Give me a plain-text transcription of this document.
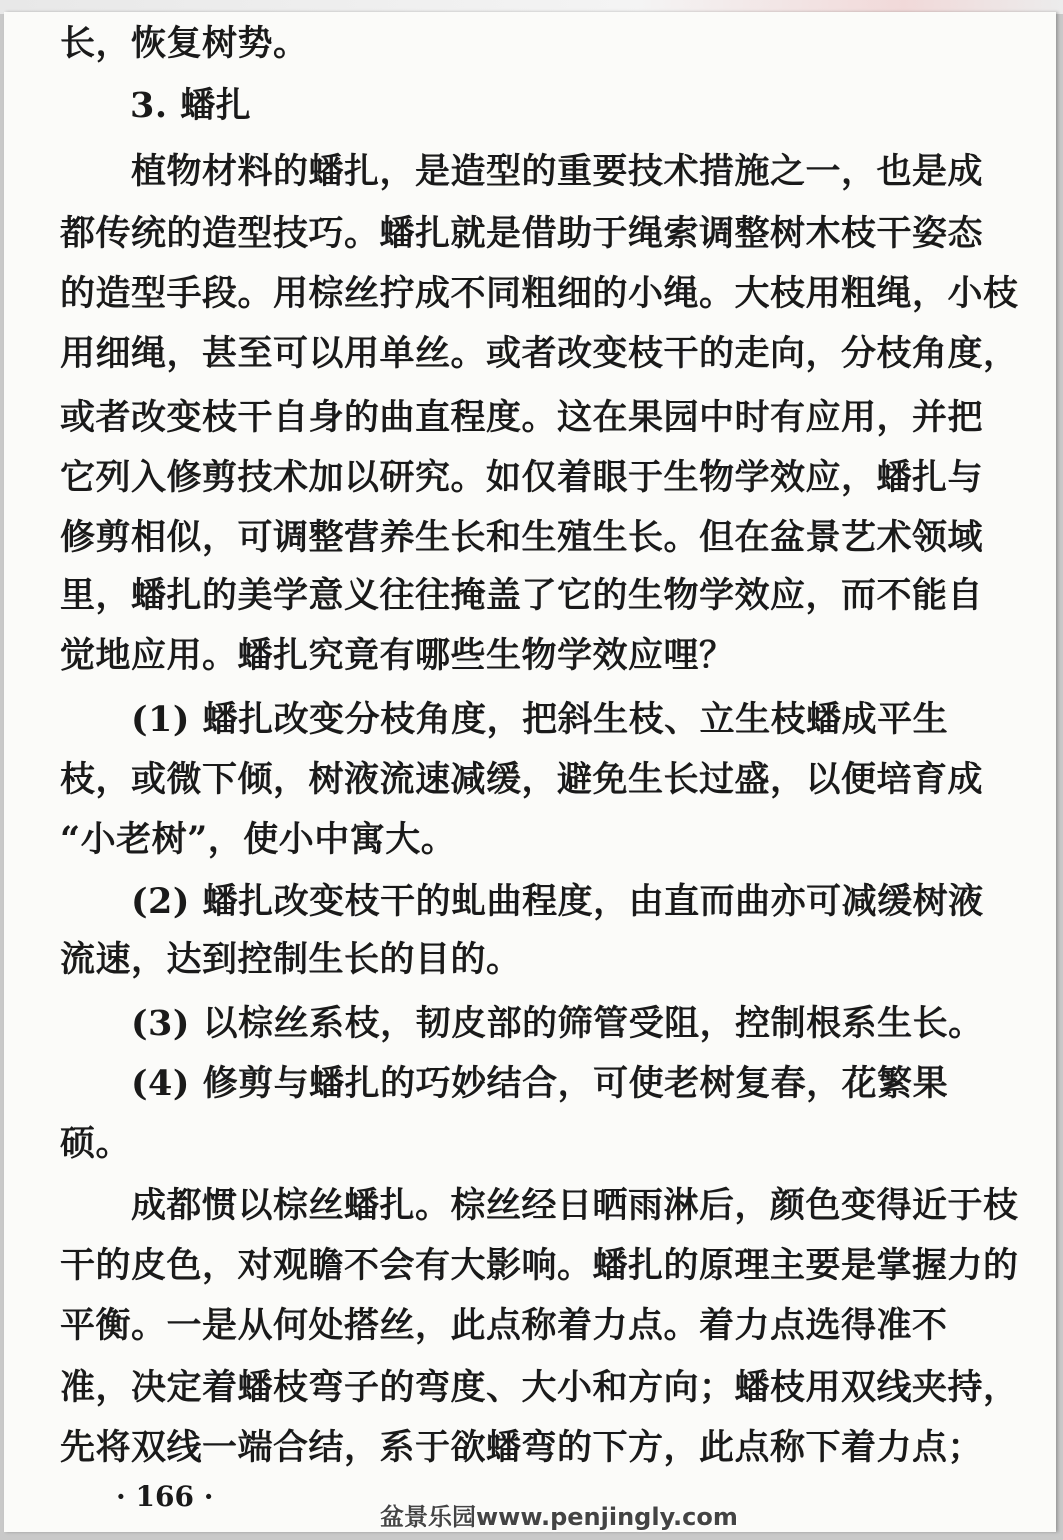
长，恢复树势。
3. 蟠扎
　　植物材料的蟠扎，是造型的重要技术措施之一，也是成
都传统的造型技巧。蟠扎就是借助于绳索调整树木枝干姿态
的造型手段。用棕丝拧成不同粗细的小绳。大枝用粗绳，小枝
用细绳，甚至可以用单丝。或者改变枝干的走向，分枝角度，
或者改变枝干自身的曲直程度。这在果园中时有应用，并把
它列入修剪技术加以研究。如仅着眼于生物学效应，蟠扎与
修剪相似，可调整营养生长和生殖生长。但在盆景艺术领域
里，蟠扎的美学意义往往掩盖了它的生物学效应，而不能自
觉地应用。蟠扎究竟有哪些生物学效应哩？
　　(1) 蟠扎改变分枝角度，把斜生枝、立生枝蟠成平生
枝，或微下倾，树液流速减缓，避免生长过盛，以便培育成
“小老树”，使小中寓大。
　　(2) 蟠扎改变枝干的虬曲程度，由直而曲亦可减缓树液
流速，达到控制生长的目的。
　　(3) 以棕丝系枝，韧皮部的筛管受阻，控制根系生长。
　　(4) 修剪与蟠扎的巧妙结合，可使老树复春，花繁果
硕。
　　成都惯以棕丝蟠扎。棕丝经日晒雨淋后，颜色变得近于枝
干的皮色，对观瞻不会有大影响。蟠扎的原理主要是掌握力的
平衡。一是从何处搭丝，此点称着力点。着力点选得准不
准，决定着蟠枝弯子的弯度、大小和方向；蟠枝用双线夹持，
先将双线一端合结，系于欲蟠弯的下方，此点称下着力点；
· 166 ·
盆景乐园www.penjingly.com
